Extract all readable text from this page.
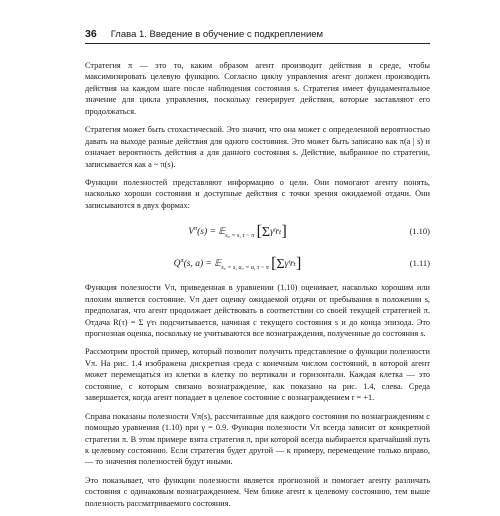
36 Глава 1. Введение в обучение с подкреплением

Стратегия π — это то, каким образом агент производит действия в среде, чтобы максимизировать целевую функцию. Согласно циклу управления агент должен производить действия на каждом шаге после наблюдения состояния s. Стратегия имеет фундаментальное значение для цикла управления, поскольку генерирует действия, которые заставляют его продолжаться.

Стратегия может быть стохастической. Это значит, что она может с определенной вероятностью давать на выходе разные действия для одного состояния. Это может быть записано как π(a | s) и означает вероятность действия a для данного состояния s. Действие, выбранное по стратегии, записывается как a ~ π(s).

Функции полезностей представляют информацию о цели. Они помогают агенту понять, насколько хороши состояния и доступные действия с точки зрения ожидаемой отдачи. Они записываются в двух формах:

$V^\pi(s)$ = 𝔼$_{s_0 = s, \tau \sim \pi}$ [Σγᵗrₜ]	(1.10)
$Q^\pi(s$, a) = 𝔼$_{s_0 = s, a_0 = a, \tau \sim \pi}$ [Σγᵗrₜ]	(1.11)

Функция полезности Vπ, приведенная в уравнении (1.10) оценивает, насколько хорошим или плохим является состояние. Vπ дает оценку ожидаемой отдачи от пребывания в положении s, предполагая, что агент продолжает действовать в соответствии со своей текущей стратегией π. Отдача R(τ) = Σ γᵗrₜ подсчитывается, начиная с текущего состояния s и до конца эпизода. Это прогнозная оценка, поскольку не учитываются все вознаграждения, полученные до состояния s.

Рассмотрим простой пример, который позволит получить представление о функции полезности Vπ. На рис. 1.4 изображена дискретная среда с конечным числом состояний, в которой агент может перемещаться из клетки в клетку по вертикали и горизонтали. Каждая клетка — это состояние, с которым связано вознаграждение, как показано на рис. 1.4, слева. Среда завершается, когда агент попадает в целевое состояние с вознаграждением r = +1.

Справа показаны полезности Vπ(s), рассчитанные для каждого состояния по вознаграждениям с помощью уравнения (1.10) при γ = 0.9. Функция полезности Vπ всегда зависит от конкретной стратегии π. В этом примере взята стратегия π, при которой всегда выбирается кратчайший путь к целевому состоянию. Если стратегия будет другой — к примеру, перемещение только вправо, — то значения полезностей будут иными.

Это показывает, что функции полезности является прогнозной и помогает агенту различать состояния с одинаковым вознаграждением. Чем ближе агент к целевому состоянию, тем выше полезность рассматриваемого состояния.
